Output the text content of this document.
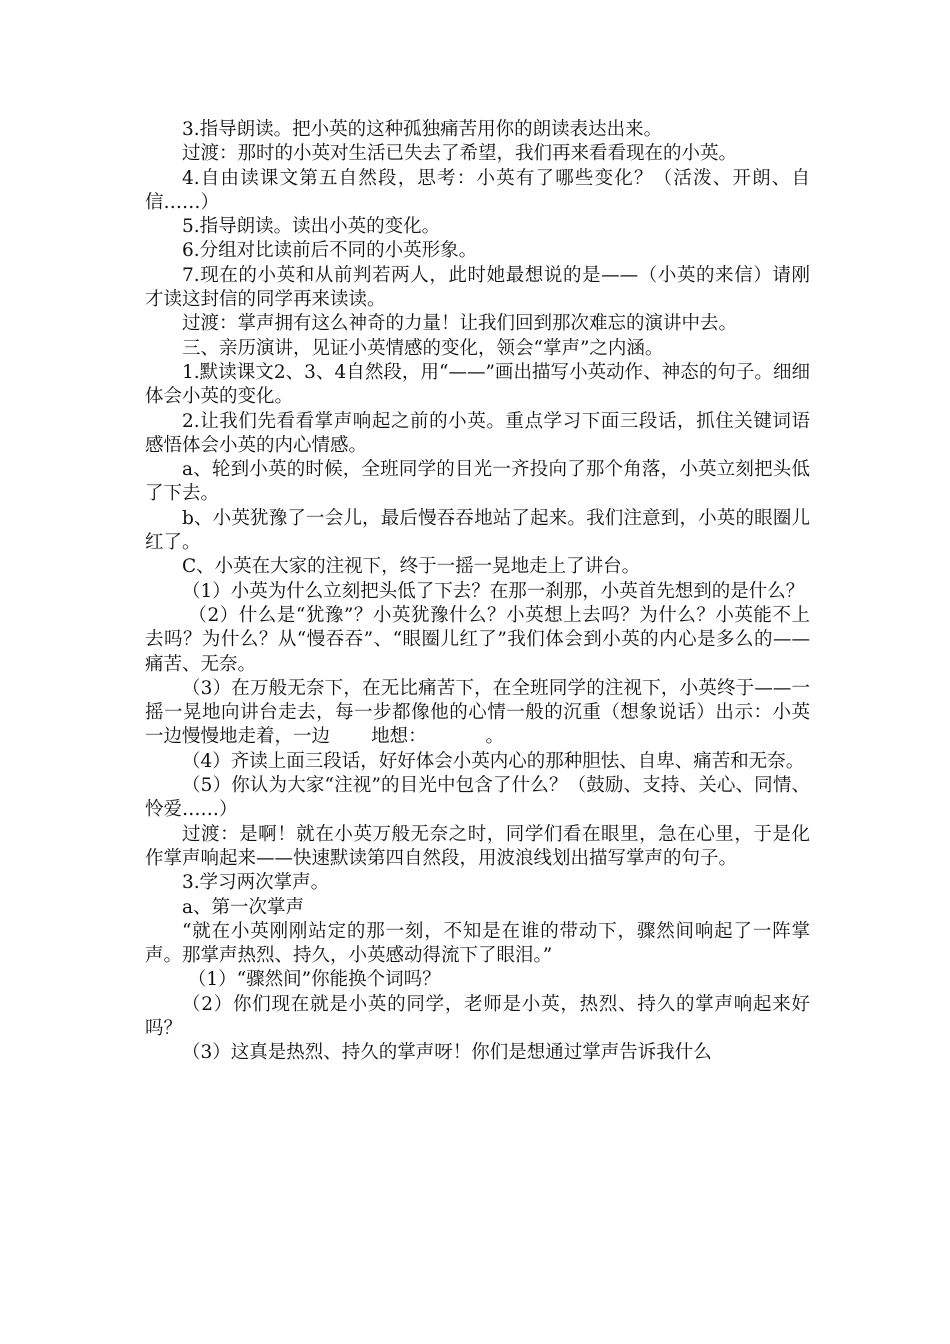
3.指导朗读。把小英的这种孤独痛苦用你的朗读表达出来。

过渡：那时的小英对生活已失去了希望，我们再来看看现在的小英。

4.自由读课文第五自然段，思考：小英有了哪些变化？（活泼、开朗、自信……）

5.指导朗读。读出小英的变化。

6.分组对比读前后不同的小英形象。

7.现在的小英和从前判若两人，此时她最想说的是——（小英的来信）请刚才读这封信的同学再来读读。

过渡：掌声拥有这么神奇的力量！让我们回到那次难忘的演讲中去。

三、亲历演讲，见证小英情感的变化，领会“掌声”之内涵。

1.默读课文2、3、4自然段，用“——”画出描写小英动作、神态的句子。细细体会小英的变化。

2.让我们先看看掌声响起之前的小英。重点学习下面三段话，抓住关键词语感悟体会小英的内心情感。

a、轮到小英的时候，全班同学的目光一齐投向了那个角落，小英立刻把头低了下去。

b、小英犹豫了一会儿，最后慢吞吞地站了起来。我们注意到，小英的眼圈儿红了。

C、小英在大家的注视下，终于一摇一晃地走上了讲台。

（1）小英为什么立刻把头低了下去？在那一刹那，小英首先想到的是什么？

（2）什么是“犹豫”？小英犹豫什么？小英想上去吗？为什么？小英能不上去吗？为什么？从“慢吞吞”、“眼圈儿红了”我们体会到小英的内心是多么的——痛苦、无奈。

（3）在万般无奈下，在无比痛苦下，在全班同学的注视下，小英终于——一摇一晃地向讲台走去，每一步都像他的心情一般的沉重（想象说话）出示：小英一边慢慢地走着，一边       地想：          。

（4）齐读上面三段话，好好体会小英内心的那种胆怯、自卑、痛苦和无奈。

（5）你认为大家“注视”的目光中包含了什么？（鼓励、支持、关心、同情、怜爱……）

过渡：是啊！就在小英万般无奈之时，同学们看在眼里，急在心里，于是化作掌声响起来——快速默读第四自然段，用波浪线划出描写掌声的句子。

3.学习两次掌声。

a、第一次掌声

“就在小英刚刚站定的那一刻，不知是在谁的带动下，骤然间响起了一阵掌声。那掌声热烈、持久，小英感动得流下了眼泪。”

（1）“骤然间”你能换个词吗？

（2）你们现在就是小英的同学，老师是小英，热烈、持久的掌声响起来好吗？

（3）这真是热烈、持久的掌声呀！你们是想通过掌声告诉我什么
